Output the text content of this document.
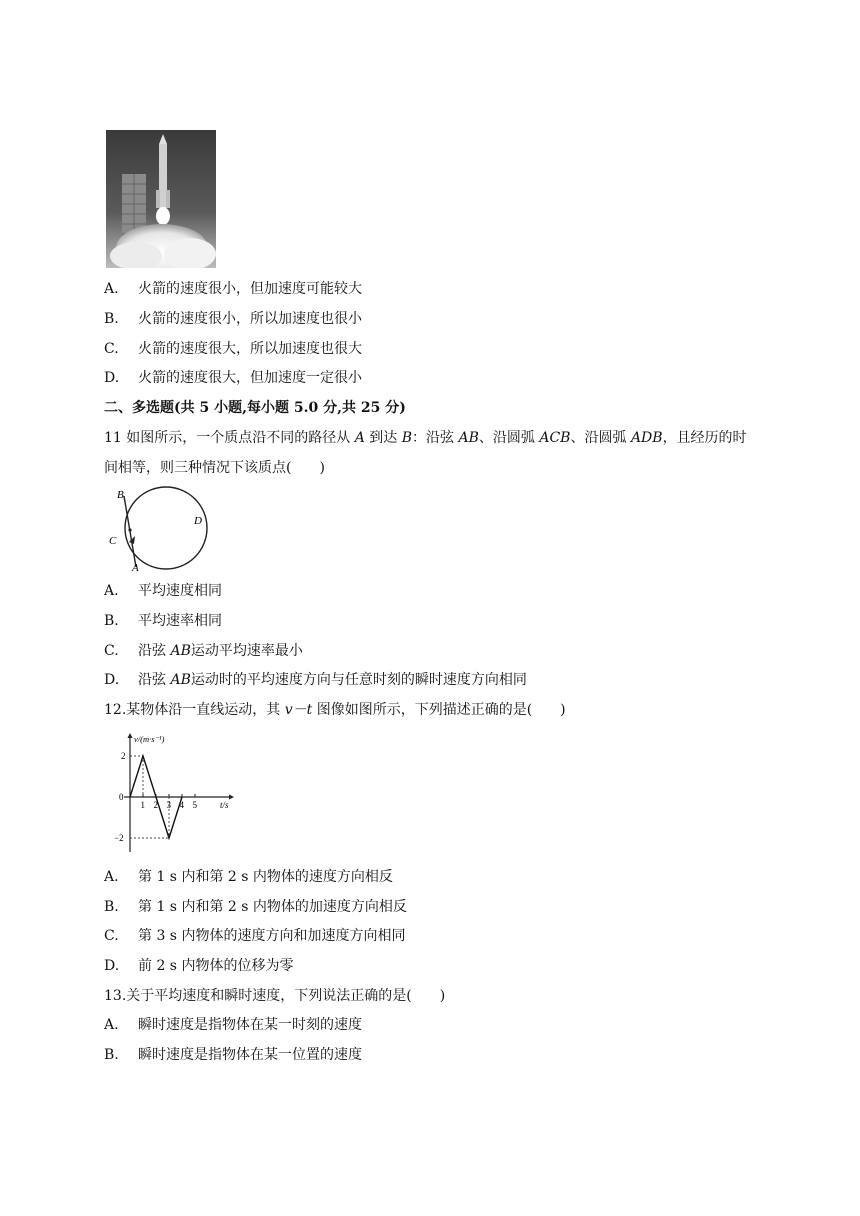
A. 火箭的速度很小，但加速度可能较大
B. 火箭的速度很小，所以加速度也很小
C. 火箭的速度很大，所以加速度也很大
D. 火箭的速度很大，但加速度一定很小
二、多选题(共 5 小题,每小题 5.0 分,共 25 分)
11 如图所示，一个质点沿不同的路径从 A 到达 B：沿弦 AB、沿圆弧 ACB、沿圆弧 ADB，且经历的时
间相等，则三种情况下该质点(　　)
B
C
D
A
A. 平均速度相同
B. 平均速率相同
C. 沿弦 AB运动平均速率最小
D. 沿弦 AB运动时的平均速度方向与任意时刻的瞬时速度方向相同
12.某物体沿一直线运动，其 v－t 图像如图所示，下列描述正确的是(　　)
v/(m·s⁻¹)
t/s
0
1 2 3 4 5
2
−2
A. 第 1 s 内和第 2 s 内物体的速度方向相反
B. 第 1 s 内和第 2 s 内物体的加速度方向相反
C. 第 3 s 内物体的速度方向和加速度方向相同
D. 前 2 s 内物体的位移为零
13.关于平均速度和瞬时速度，下列说法正确的是(　　)
A. 瞬时速度是指物体在某一时刻的速度
B. 瞬时速度是指物体在某一位置的速度
